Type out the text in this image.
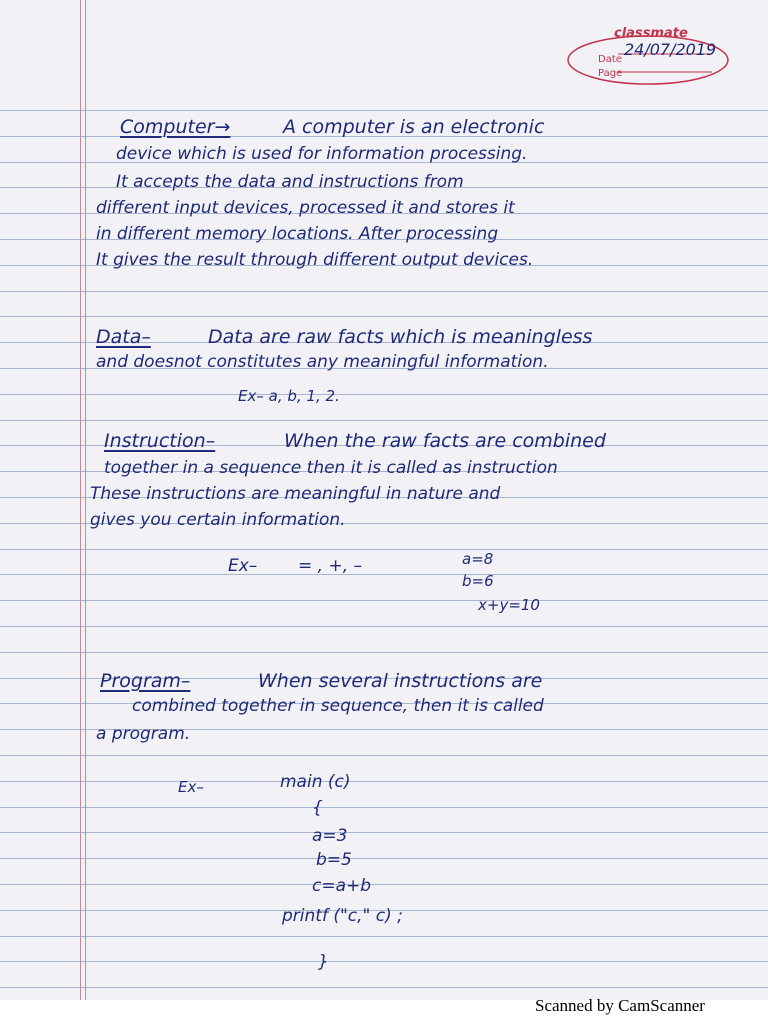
classmate
Date
Page
24/07/2019
Computer→	A computer is an electronic
device which is used for information processing.
It accepts the data and instructions from
different input devices, processed it and stores it
in different memory locations. After processing
It gives the result through different output devices.
Data–	Data are raw facts which is meaningless
and doesnot constitutes any meaningful information.
Ex– a, b, 1, 2.
Instruction–	When the raw facts are combined
together in a sequence then it is called as instruction
These instructions are meaningful in nature and
gives you certain information.
Ex– = , +, –	a=8
b=6
x+y=10
Program–	When several instructions are
combined together in sequence, then it is called
a program.
Ex–	main (c)
{
a=3
b=5
c=a+b
printf ("c," c) ;
}
Scanned by CamScanner
